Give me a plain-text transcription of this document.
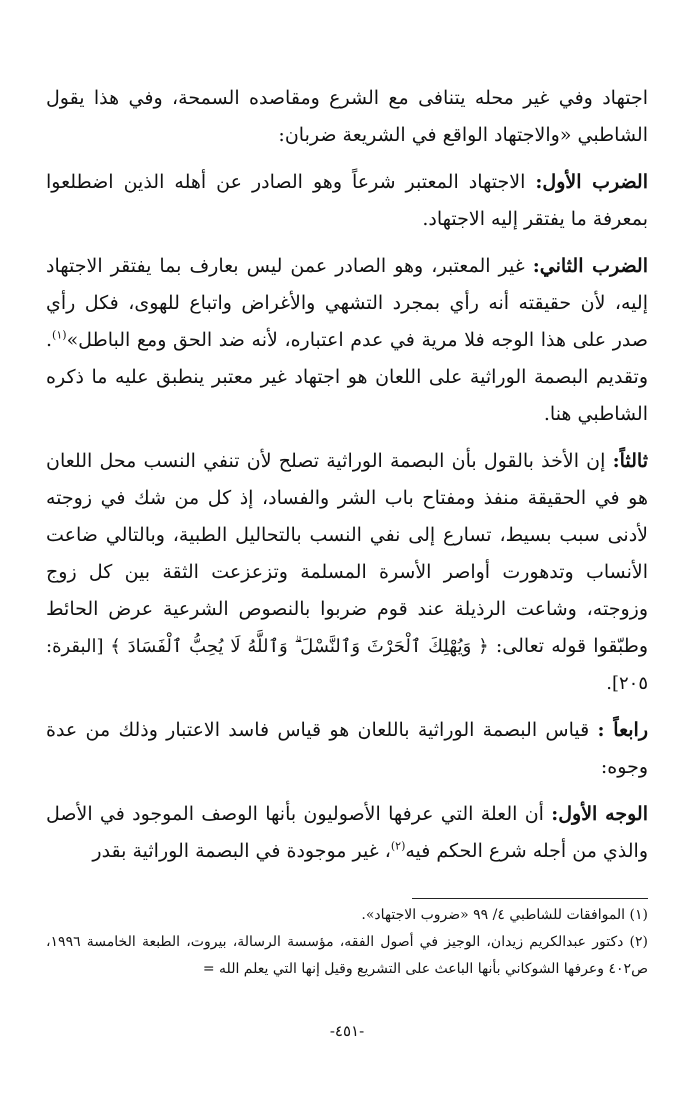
اجتهاد وفي غير محله يتنافى مع الشرع ومقاصده السمحة، وفي هذا يقول الشاطبي «والاجتهاد الواقع في الشريعة ضربان:

الضرب الأول: الاجتهاد المعتبر شرعاً وهو الصادر عن أهله الذين اضطلعوا بمعرفة ما يفتقر إليه الاجتهاد.

الضرب الثاني: غير المعتبر، وهو الصادر عمن ليس بعارف بما يفتقر الاجتهاد إليه، لأن حقيقته أنه رأي بمجرد التشهي والأغراض واتباع للهوى، فكل رأي صدر على هذا الوجه فلا مرية في عدم اعتباره، لأنه ضد الحق ومع الباطل»$^{(١)}$. وتقديم البصمة الوراثية على اللعان هو اجتهاد غير معتبر ينطبق عليه ما ذكره الشاطبي هنا.

ثالثاً: إن الأخذ بالقول بأن البصمة الوراثية تصلح لأن تنفي النسب محل اللعان هو في الحقيقة منفذ ومفتاح باب الشر والفساد، إذ كل من شك في زوجته لأدنى سبب بسيط، تسارع إلى نفي النسب بالتحاليل الطبية، وبالتالي ضاعت الأنساب وتدهورت أواصر الأسرة المسلمة وتزعزعت الثقة بين كل زوج وزوجته، وشاعت الرذيلة عند قوم ضربوا بالنصوص الشرعية عرض الحائط وطبّقوا قوله تعالى: ﴿ وَيُهْلِكَ ٱلْحَرْثَ وَٱلنَّسْلَ ۗ وَٱللَّهُ لَا يُحِبُّ ٱلْفَسَادَ ﴾ [البقرة: ٢٠٥].

رابعاً : قياس البصمة الوراثية باللعان هو قياس فاسد الاعتبار وذلك من عدة وجوه:

الوجه الأول: أن العلة التي عرفها الأصوليون بأنها الوصف الموجود في الأصل والذي من أجله شرع الحكم فيه$^{(٢)}$، غير موجودة في البصمة الوراثية بقدر

(١) الموافقات للشاطبي ٤/ ٩٩ «ضروب الاجتهاد».

(٢) دكتور عبدالكريم زيدان، الوجيز في أصول الفقه، مؤسسة الرسالة، بيروت، الطبعة الخامسة ١٩٩٦، ص٤٠٢ وعرفها الشوكاني بأنها الباعث على التشريع وقيل إنها التي يعلم الله =

-٤٥١-
